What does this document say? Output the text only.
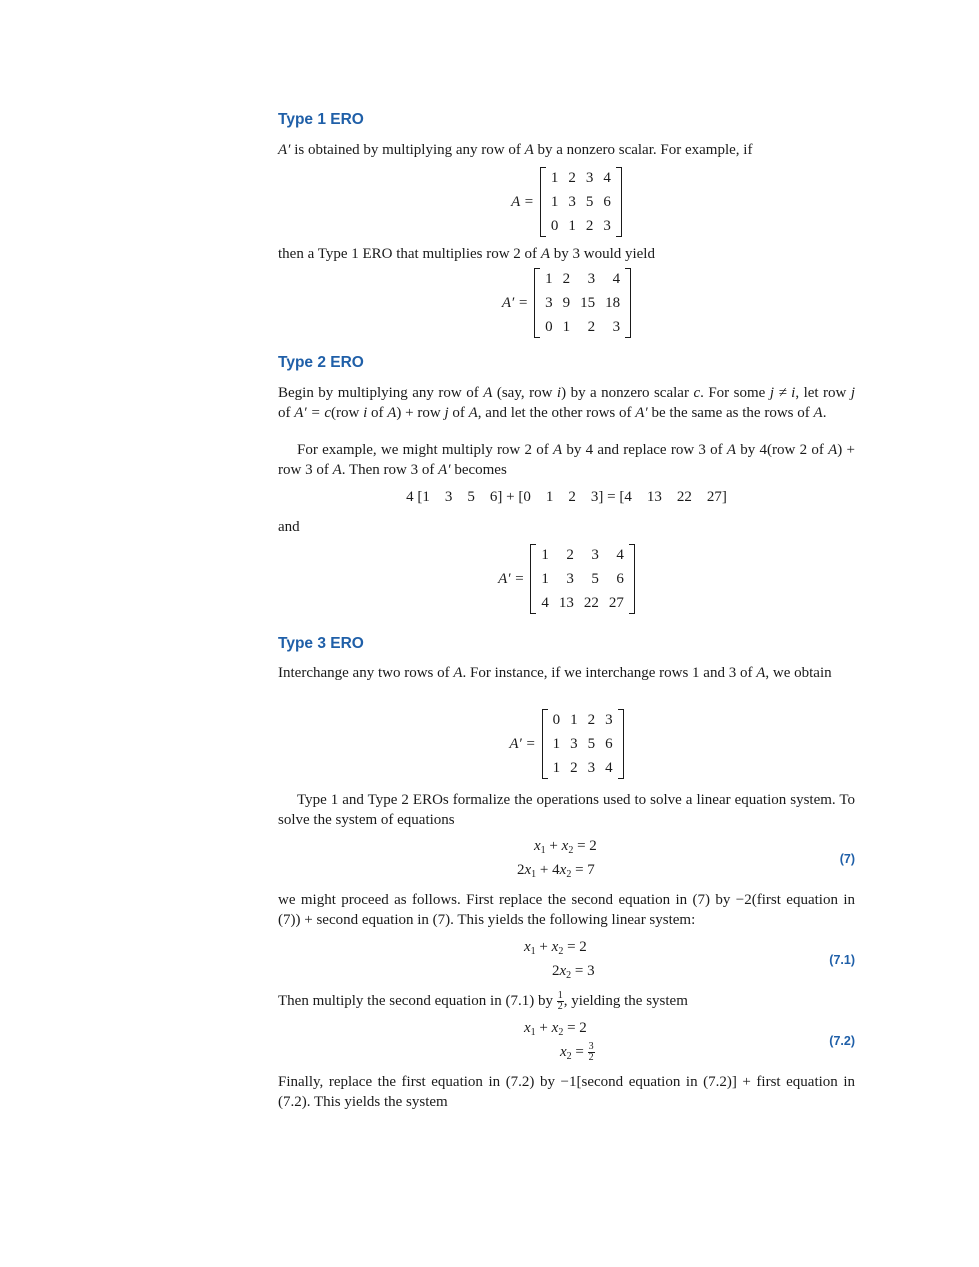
Type 1 ERO
A′ is obtained by multiplying any row of A by a nonzero scalar. For example, if
A =
1	2	3	4
1	3	5	6
0	1	2	3
then a Type 1 ERO that multiplies row 2 of A by 3 would yield
A′ =
1	2	3	4
3	9	15	18
0	1	2	3
Type 2 ERO
Begin by multiplying any row of A (say, row i) by a nonzero scalar c. For some j ≠ i, let row j of A′ = c(row i of A) + row j of A, and let the other rows of A′ be the same as the rows of A.
For example, we might multiply row 2 of A by 4 and replace row 3 of A by 4(row 2 of A) + row 3 of A. Then row 3 of A′ becomes
4 [1    3    5    6] + [0    1    2    3] = [4    13    22    27]
and
A′ =
1	2	3	4
1	3	5	6
4	13	22	27
Type 3 ERO
Interchange any two rows of A. For instance, if we interchange rows 1 and 3 of A, we obtain
A′ =
0	1	2	3
1	3	5	6
1	2	3	4
Type 1 and Type 2 EROs formalize the operations used to solve a linear equation system. To solve the system of equations
$x_1 + x_2 = 2$
$2x_1 + 4x_2 = 7$
(7)
we might proceed as follows. First replace the second equation in (7) by −2(first equation in (7)) + second equation in (7). This yields the following linear system:
$x_1 + x_2 = 2$
$2x_2 = 3$
(7.1)
Then multiply the second equation in (7.1) by $\frac{1}{2}$ , yielding the system
$x_1 + x_2 = 2$
$x_2 = \frac{3}{2}$
(7.2)
Finally, replace the first equation in (7.2) by −1[second equation in (7.2)] + first equation in (7.2). This yields the system
